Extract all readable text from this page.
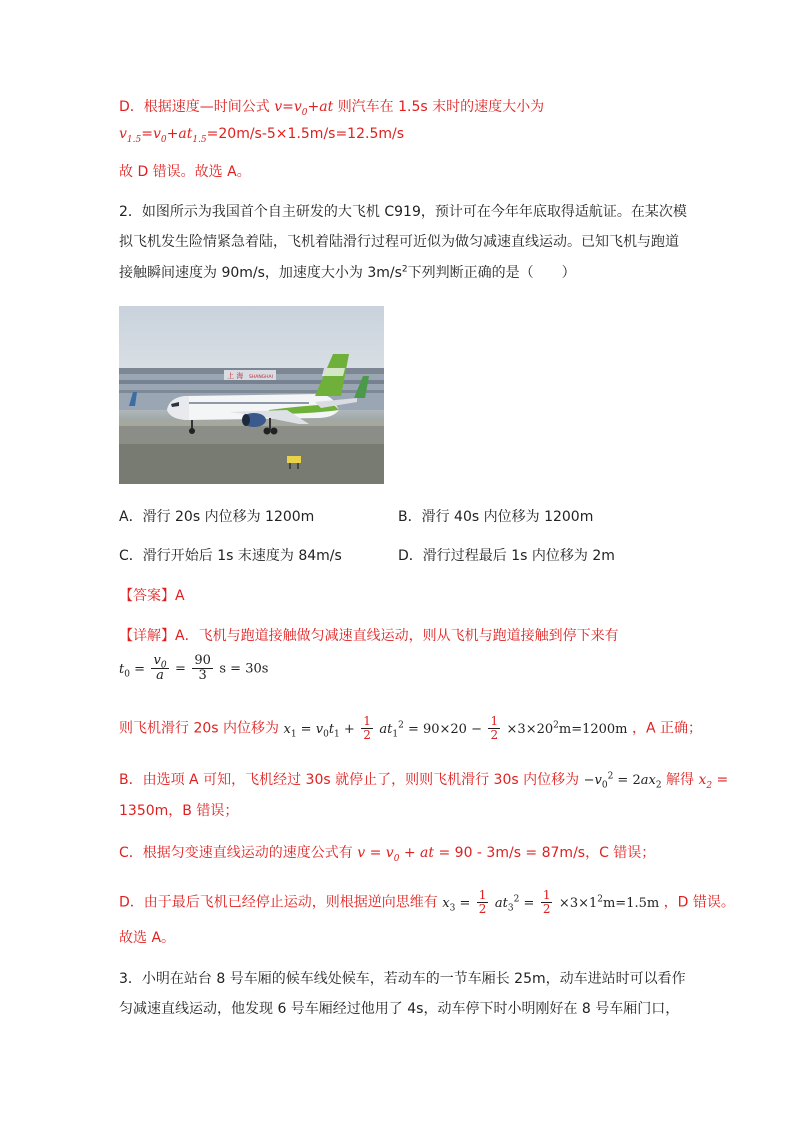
D．根据速度—时间公式 $v=v_0+at$ 则汽车在 1.5s 末时的速度大小为
$v_{1.5}=v_0+at_{1.5}=20m/s-5\times 1.5m/s=12.5m/s$
故 D 错误。故选 A。
2．如图所示为我国首个自主研发的大飞机 C919，预计可在今年年底取得适航证。在某次模
拟飞机发生险情紧急着陆，飞机着陆滑行过程可近似为做匀减速直线运动。已知飞机与跑道
接触瞬间速度为 90m/s，加速度大小为 $3m/s^2$下列判断正确的是（　　）
上 海 SHANGHAI
A．滑行 20s 内位移为 1200m	B．滑行 40s 内位移为 1200m
C．滑行开始后 1s 末速度为 84m/s	D．滑行过程最后 1s 内位移为 2m
【答案】A
【详解】A．飞机与跑道接触做匀减速直线运动，则从飞机与跑道接触到停下来有
$t_0 = \frac{v_0}{a} = \frac{90}{3}$ s = 30s
则飞机滑行 20s 内位移为 $x_1 = v_0t_1 + \frac{1}{2} at_1^2 = 90\times 20 - \frac{1}{2} \times 3\times 20^2m=1200m$ ，A 正确；
B．由选项 A 可知，飞机经过 30s 就停止了，则则飞机滑行 30s 内位移为 $-v_0^2 = 2ax_2$ 解得 $x_2$ =
1350m，B 错误；
C．根据匀变速直线运动的速度公式有 $v = v_0$ + at = 90 - 3m/s = 87m/s，C 错误；
D．由于最后飞机已经停止运动，则根据逆向思维有 $x_3 = \frac{1}{2} at_3^2 = \frac{1}{2} \times 3\times 1^2m=1.5m$ ，D 错误。
故选 A。
3．小明在站台 8 号车厢的候车线处候车，若动车的一节车厢长 25m，动车进站时可以看作
匀减速直线运动，他发现 6 号车厢经过他用了 4s，动车停下时小明刚好在 8 号车厢门口，
